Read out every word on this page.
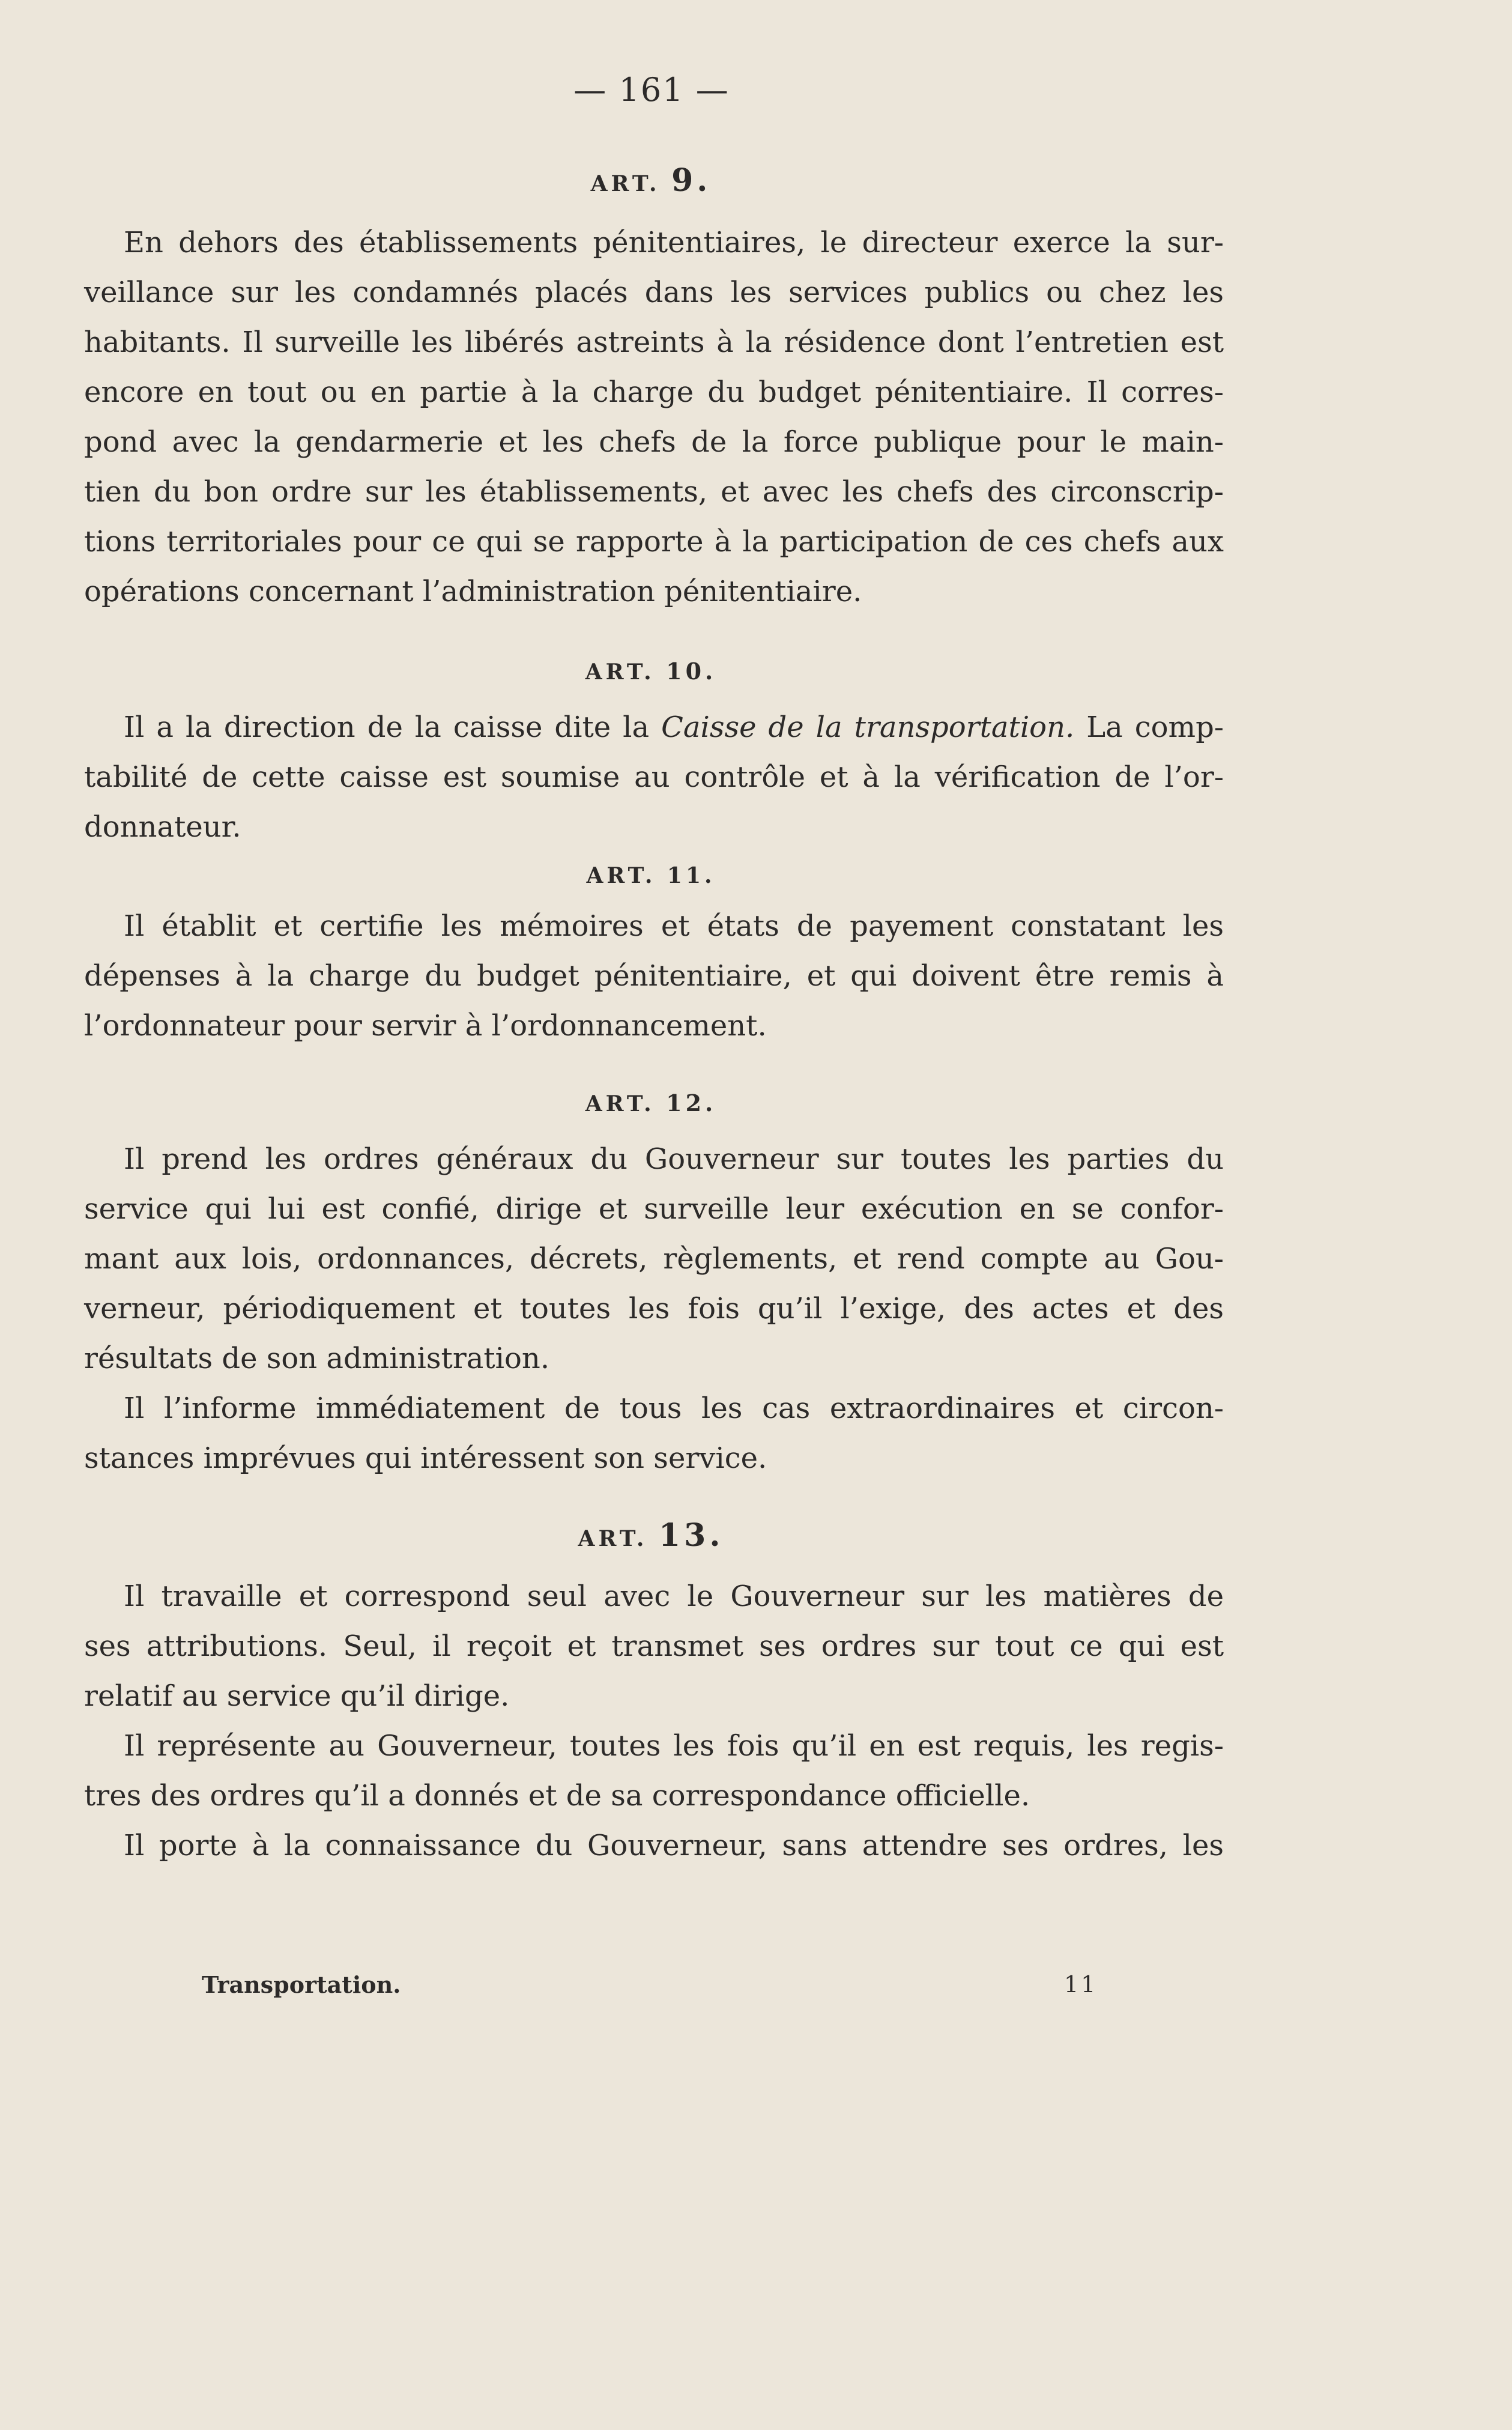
— 161 —
ART. 9.

En dehors des établissements pénitentiaires, le directeur exerce la sur-
veillance sur les condamnés placés dans les services publics ou chez les
habitants. Il surveille les libérés astreints à la résidence dont l’entretien est
encore en tout ou en partie à la charge du budget pénitentiaire. Il corres-
pond avec la gendarmerie et les chefs de la force publique pour le main-
tien du bon ordre sur les établissements, et avec les chefs des circonscrip-
tions territoriales pour ce qui se rapporte à la participation de ces chefs aux
opérations concernant l’administration pénitentiaire.

ART. 10.

Il a la direction de la caisse dite la Caisse de la transportation. La comp-
tabilité de cette caisse est soumise au contrôle et à la vérification de l’or-
donnateur.

ART. 11.

Il établit et certifie les mémoires et états de payement constatant les
dépenses à la charge du budget pénitentiaire, et qui doivent être remis à
l’ordonnateur pour servir à l’ordonnancement.

ART. 12.

Il prend les ordres généraux du Gouverneur sur toutes les parties du
service qui lui est confié, dirige et surveille leur exécution en se confor-
mant aux lois, ordonnances, décrets, règlements, et rend compte au Gou-
verneur, périodiquement et toutes les fois qu’il l’exige, des actes et des
résultats de son administration.

Il l’informe immédiatement de tous les cas extraordinaires et circon-
stances imprévues qui intéressent son service.

ART. 13.

Il travaille et correspond seul avec le Gouverneur sur les matières de
ses attributions. Seul, il reçoit et transmet ses ordres sur tout ce qui est
relatif au service qu’il dirige.

Il représente au Gouverneur, toutes les fois qu’il en est requis, les regis-
tres des ordres qu’il a donnés et de sa correspondance officielle.

Il porte à la connaissance du Gouverneur, sans attendre ses ordres, les

Transportation.	11
